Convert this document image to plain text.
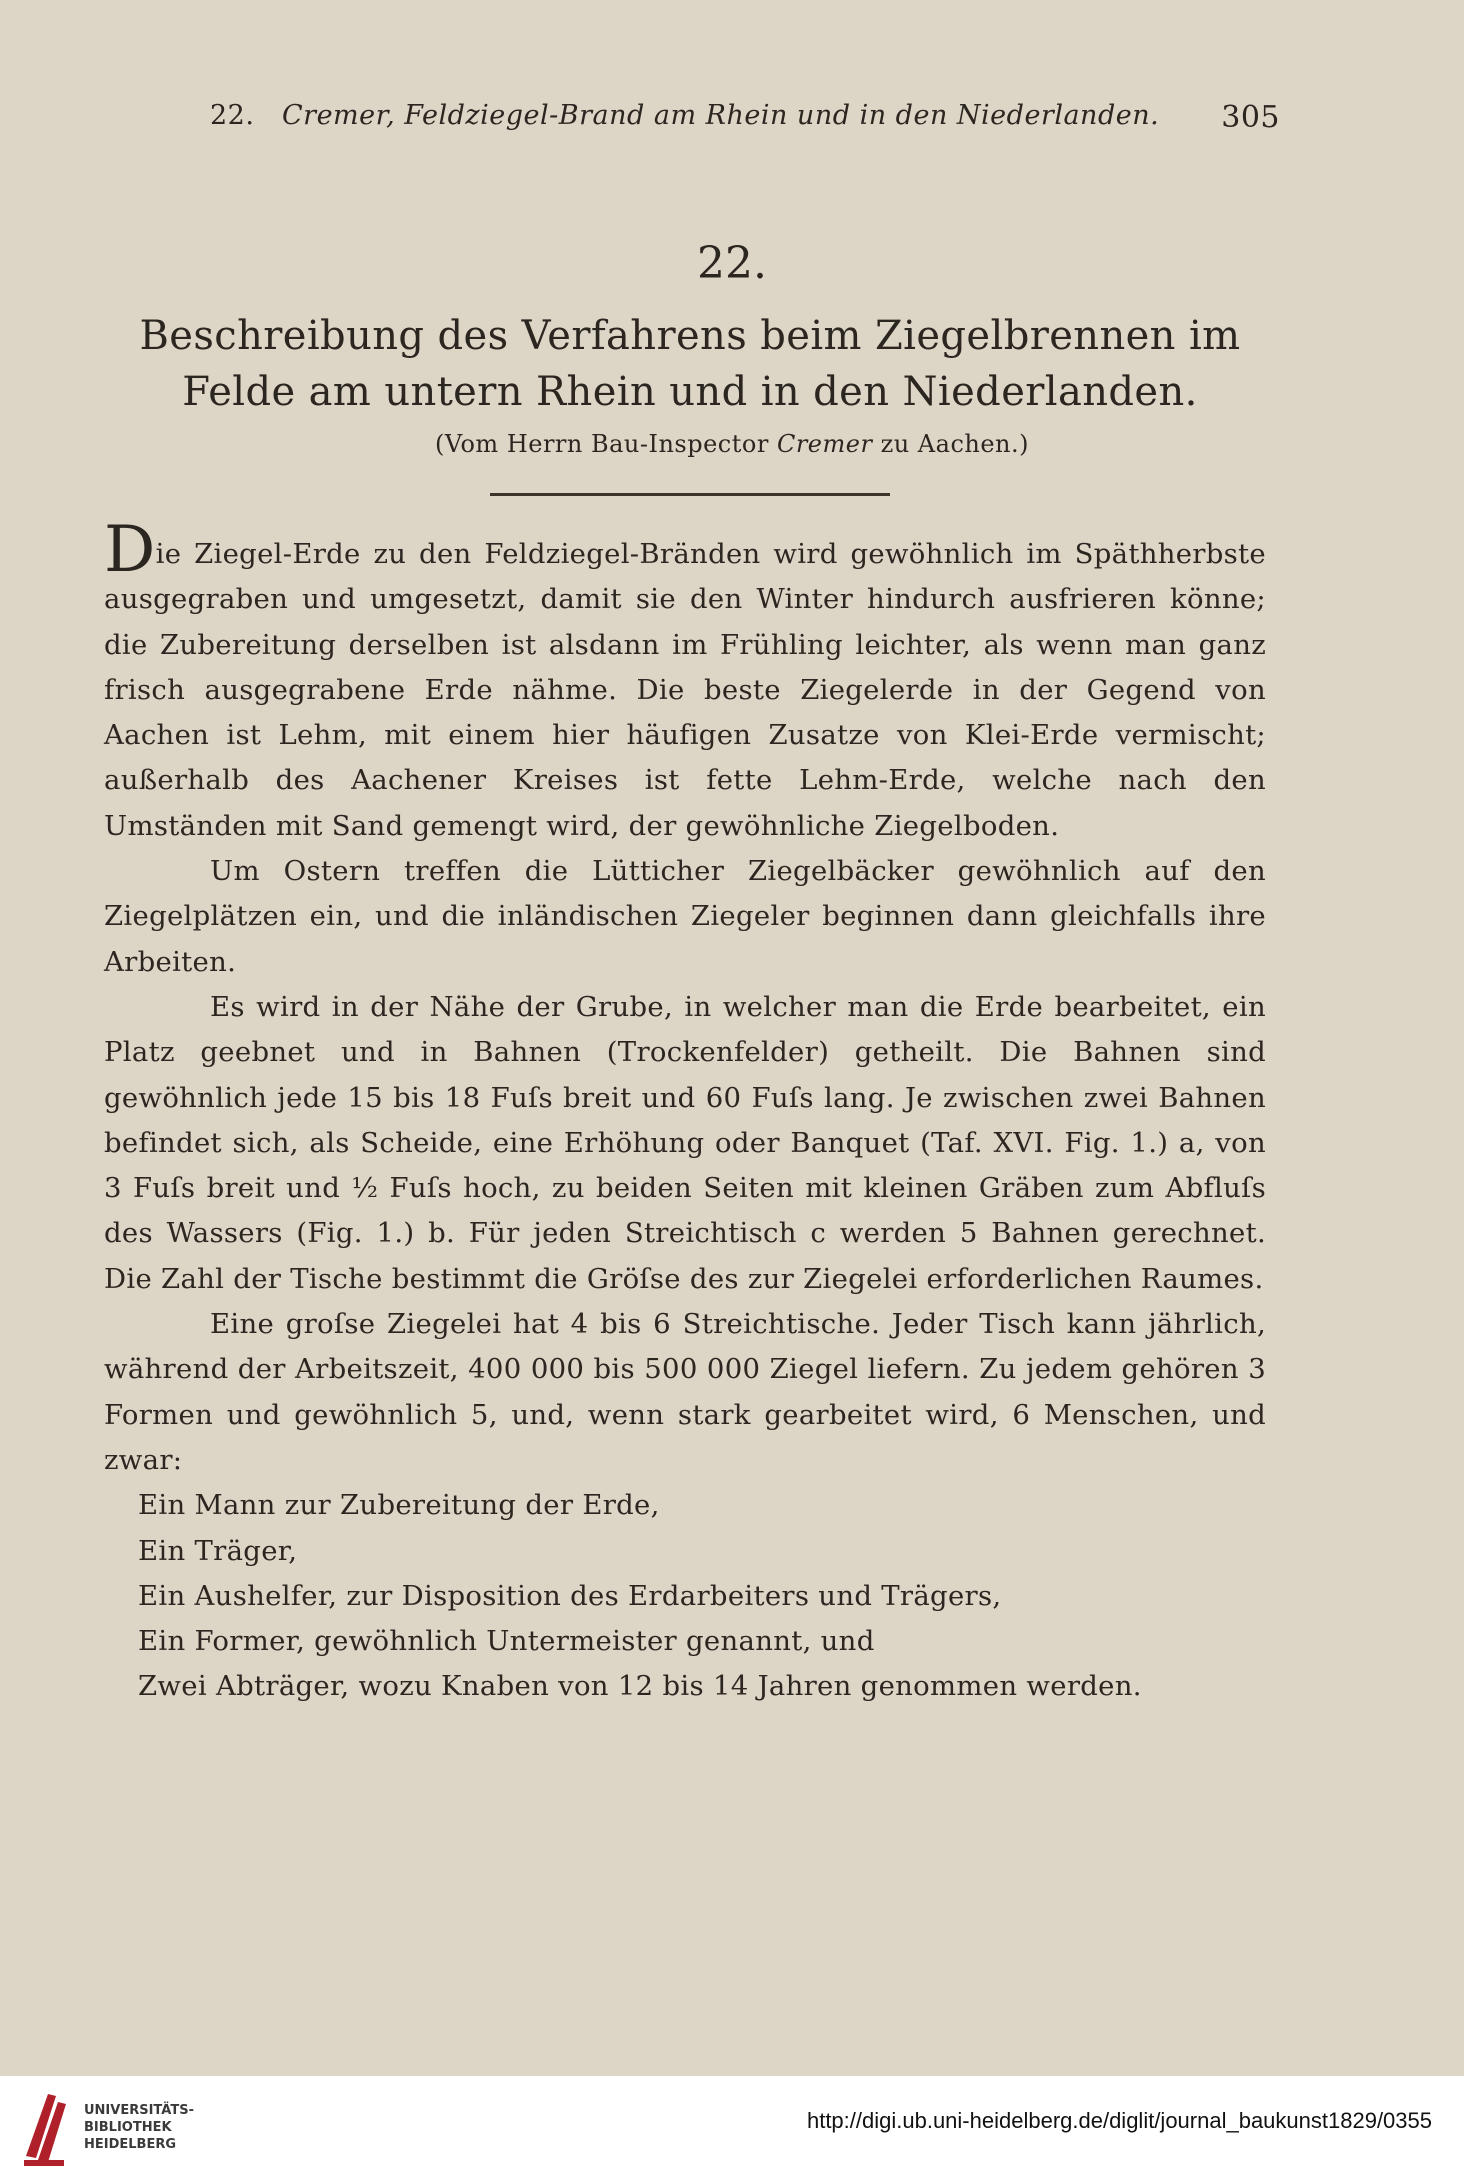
22. Cremer, Feldziegel-Brand am Rhein und in den Niederlanden. 305
22.
Beschreibung des Verfahrens beim Ziegelbrennen im
Felde am untern Rhein und in den Niederlanden.
(Vom Herrn Bau-Inspector Cremer zu Aachen.)

Die Ziegel-Erde zu den Feldziegel-Bränden wird gewöhnlich im Späthherbste ausgegraben und umgesetzt, damit sie den Winter hindurch ausfrieren könne; die Zubereitung derselben ist alsdann im Frühling leichter, als wenn man ganz frisch ausgegrabene Erde nähme. Die beste Ziegelerde in der Gegend von Aachen ist Lehm, mit einem hier häufigen Zusatze von Klei-Erde vermischt; außerhalb des Aachener Kreises ist fette Lehm-Erde, welche nach den Umständen mit Sand gemengt wird, der gewöhnliche Ziegelboden.

Um Ostern treffen die Lütticher Ziegelbäcker gewöhnlich auf den Ziegelplätzen ein, und die inländischen Ziegeler beginnen dann gleichfalls ihre Arbeiten.

Es wird in der Nähe der Grube, in welcher man die Erde bearbeitet, ein Platz geebnet und in Bahnen (Trockenfelder) getheilt. Die Bahnen sind gewöhnlich jede 15 bis 18 Fuſs breit und 60 Fuſs lang. Je zwischen zwei Bahnen befindet sich, als Scheide, eine Erhöhung oder Banquet (Taf. XVI. Fig. 1.) a, von 3 Fuſs breit und ½ Fuſs hoch, zu beiden Seiten mit kleinen Gräben zum Abfluſs des Wassers (Fig. 1.) b. Für jeden Streichtisch c werden 5 Bahnen gerechnet. Die Zahl der Tische bestimmt die Gröſse des zur Ziegelei erforderlichen Raumes.

Eine groſse Ziegelei hat 4 bis 6 Streichtische. Jeder Tisch kann jährlich, während der Arbeitszeit, 400 000 bis 500 000 Ziegel liefern. Zu jedem gehören 3 Formen und gewöhnlich 5, und, wenn stark gearbeitet wird, 6 Menschen, und zwar:

Ein Mann zur Zubereitung der Erde,
Ein Träger,
Ein Aushelfer, zur Disposition des Erdarbeiters und Trägers,
Ein Former, gewöhnlich Untermeister genannt, und
Zwei Abträger, wozu Knaben von 12 bis 14 Jahren genommen werden.
UNIVERSITÄTS-
BIBLIOTHEK
HEIDELBERG
http://digi.ub.uni-heidelberg.de/diglit/journal_baukunst1829/0355
